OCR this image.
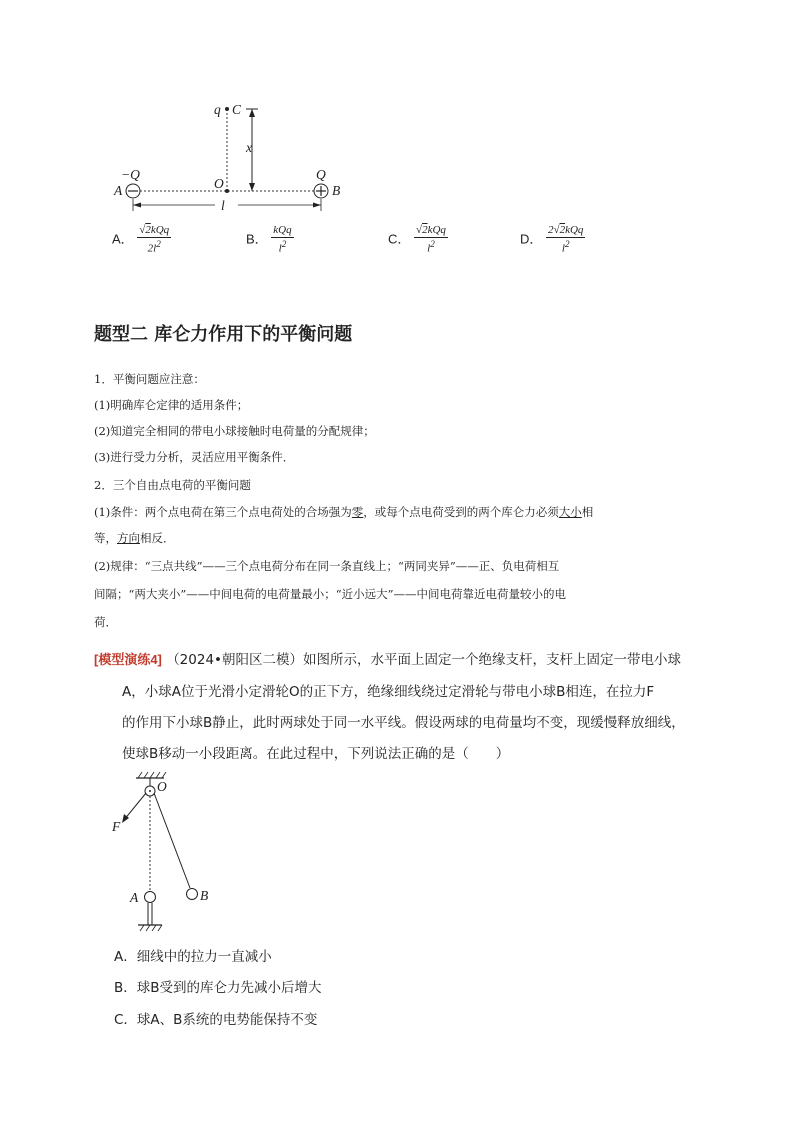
q C
x
−Q
A	O
Q
B
l
A． $\frac{\text{√2kQq}}{2l^2}$	B． $\frac{\text{kQq}}{l^2}$	C． $\frac{\text{√2kQq}}{l^2}$	D． $\frac{\text{2√2kQq}}{l^2}$
题型二 库仑力作用下的平衡问题
1．平衡问题应注意：
(1)明确库仑定律的适用条件；
(2)知道完全相同的带电小球接触时电荷量的分配规律；
(3)进行受力分析，灵活应用平衡条件．
2．三个自由点电荷的平衡问题
(1)条件：两个点电荷在第三个点电荷处的合场强为零，或每个点电荷受到的两个库仑力必须大小相
等，方向相反．
(2)规律：“三点共线”——三个点电荷分布在同一条直线上；“两同夹异”——正、负电荷相互
间隔；“两大夹小”——中间电荷的电荷量最小；“近小远大”——中间电荷靠近电荷量较小的电
荷．
[模型演练4] （2024•朝阳区二模）如图所示，水平面上固定一个绝缘支杆，支杆上固定一带电小球
A，小球A位于光滑小定滑轮O的正下方，绝缘细线绕过定滑轮与带电小球B相连，在拉力F
的作用下小球B静止，此时两球处于同一水平线。假设两球的电荷量均不变，现缓慢释放细线，
使球B移动一小段距离。在此过程中，下列说法正确的是（　　）
O
F
A	B
A．细线中的拉力一直减小
B．球B受到的库仑力先减小后增大
C．球A、B系统的电势能保持不变
